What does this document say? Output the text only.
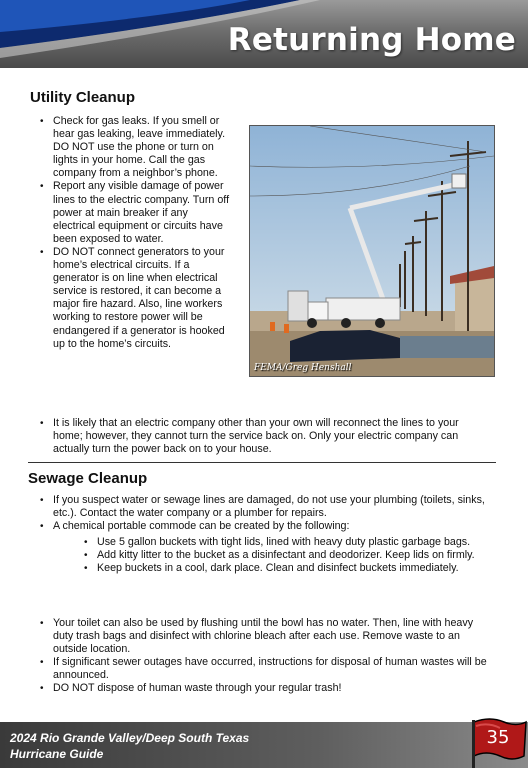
Returning Home
Utility Cleanup
• Check for gas leaks. If you smell or hear gas leaking, leave immediately. DO NOT use the phone or turn on lights in your home. Call the gas company from a neighbor’s phone.
• Report any visible damage of power lines to the electric company. Turn off power at main breaker if any electrical equipment or circuits have been exposed to water.
• DO NOT connect generators to your home’s electrical circuits. If a generator is on line when electrical service is restored, it can become a major fire hazard. Also, line workers working to restore power will be endangered if a generator is hooked up to the home’s circuits.
FEMA/Greg Henshall
• It is likely that an electric company other than your own will reconnect the lines to your home; however, they cannot turn the service back on. Only your electric company can actually turn the power back on to your house.
Sewage Cleanup
• If you suspect water or sewage lines are damaged, do not use your plumbing (toilets, sinks, etc.). Contact the water company or a plumber for repairs.
• A chemical portable commode can be created by the following:
• Use 5 gallon buckets with tight lids, lined with heavy duty plastic garbage bags.
• Add kitty litter to the bucket as a disinfectant and deodorizer. Keep lids on firmly.
• Keep buckets in a cool, dark place. Clean and disinfect buckets immediately.
• Your toilet can also be used by flushing until the bowl has no water. Then, line with heavy duty trash bags and disinfect with chlorine bleach after each use. Remove waste to an outside location.
• If significant sewer outages have occurred, instructions for disposal of human wastes will be announced.
• DO NOT dispose of human waste through your regular trash!
2024 Rio Grande Valley/Deep South Texas
Hurricane Guide
35
